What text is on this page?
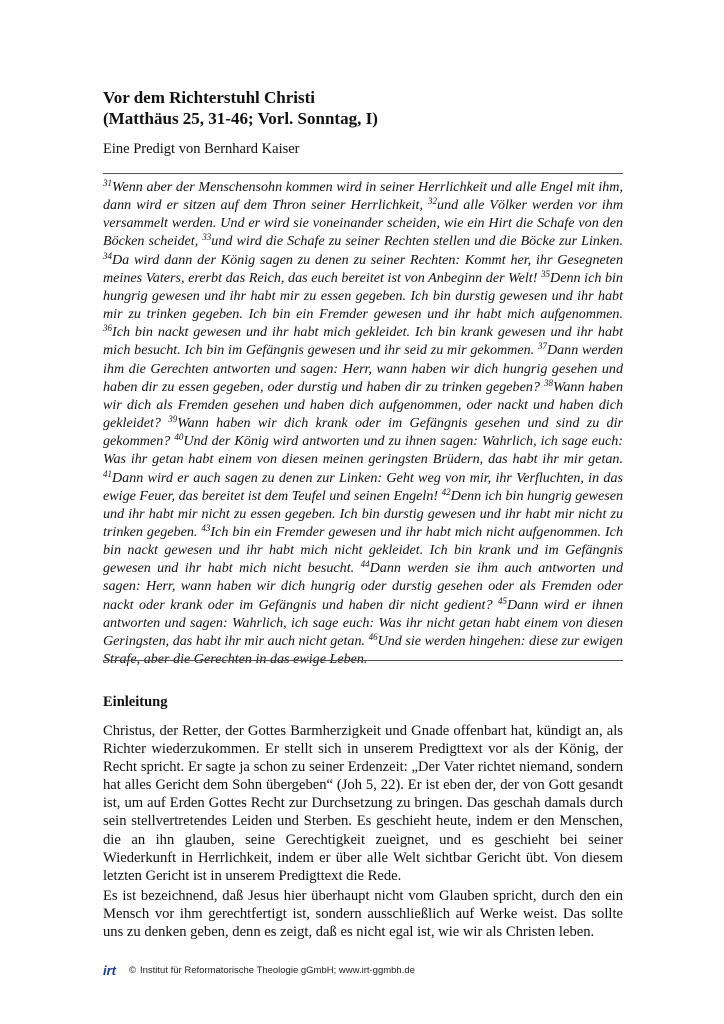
Vor dem Richterstuhl Christi
(Matthäus 25, 31-46; Vorl. Sonntag, I)
Eine Predigt von Bernhard Kaiser
$^{31}$Wenn aber der Menschensohn kommen wird in seiner Herrlichkeit und alle Engel mit ihm, dann wird er sitzen auf dem Thron seiner Herrlichkeit, $^{32}$und alle Völker werden vor ihm versammelt werden. Und er wird sie voneinander scheiden, wie ein Hirt die Schafe von den Böcken scheidet, $^{33}$und wird die Schafe zu seiner Rechten stellen und die Böcke zur Linken. $^{34}$Da wird dann der König sagen zu denen zu seiner Rechten: Kommt her, ihr Gesegneten meines Vaters, ererbt das Reich, das euch bereitet ist von Anbeginn der Welt! $^{35}$Denn ich bin hungrig gewesen und ihr habt mir zu essen gegeben. Ich bin durstig gewesen und ihr habt mir zu trinken gegeben. Ich bin ein Fremder gewesen und ihr habt mich aufgenommen. $^{36}$Ich bin nackt gewesen und ihr habt mich gekleidet. Ich bin krank gewesen und ihr habt mich besucht. Ich bin im Gefängnis gewesen und ihr seid zu mir gekommen. $^{37}$Dann werden ihm die Gerechten antworten und sagen: Herr, wann haben wir dich hungrig gesehen und haben dir zu essen gegeben, oder durstig und haben dir zu trinken gegeben? $^{38}$Wann haben wir dich als Fremden gesehen und haben dich aufgenommen, oder nackt und haben dich gekleidet? $^{39}$Wann haben wir dich krank oder im Gefängnis gesehen und sind zu dir gekommen? $^{40}$Und der König wird antworten und zu ihnen sagen: Wahrlich, ich sage euch: Was ihr getan habt einem von diesen meinen geringsten Brüdern, das habt ihr mir getan. $^{41}$Dann wird er auch sagen zu denen zur Linken: Geht weg von mir, ihr Verfluchten, in das ewige Feuer, das bereitet ist dem Teufel und seinen Engeln! $^{42}$Denn ich bin hungrig gewesen und ihr habt mir nicht zu essen gegeben. Ich bin durstig gewesen und ihr habt mir nicht zu trinken gegeben. $^{43}$Ich bin ein Fremder gewesen und ihr habt mich nicht aufgenommen. Ich bin nackt gewesen und ihr habt mich nicht gekleidet. Ich bin krank und im Gefängnis gewesen und ihr habt mich nicht besucht. $^{44}$Dann werden sie ihm auch antworten und sagen: Herr, wann haben wir dich hungrig oder durstig gesehen oder als Fremden oder nackt oder krank oder im Gefängnis und haben dir nicht gedient? $^{45}$Dann wird er ihnen antworten und sagen: Wahrlich, ich sage euch: Was ihr nicht getan habt einem von diesen Geringsten, das habt ihr mir auch nicht getan. $^{46}$Und sie werden hingehen: diese zur ewigen Strafe, aber die Gerechten in das ewige Leben.
Einleitung
Christus, der Retter, der Gottes Barmherzigkeit und Gnade offenbart hat, kündigt an, als Richter wiederzukommen. Er stellt sich in unserem Predigttext vor als der König, der Recht spricht. Er sagte ja schon zu seiner Erdenzeit: „Der Vater richtet niemand, sondern hat alles Gericht dem Sohn übergeben“ (Joh 5, 22). Er ist eben der, der von Gott gesandt ist, um auf Erden Gottes Recht zur Durchsetzung zu bringen. Das geschah damals durch sein stellvertretendes Leiden und Sterben. Es geschieht heute, indem er den Menschen, die an ihn glauben, seine Gerechtigkeit zueignet, und es geschieht bei seiner Wiederkunft in Herrlichkeit, indem er über alle Welt sichtbar Gericht übt. Von diesem letzten Gericht ist in unserem Predigttext die Rede.
Es ist bezeichnend, daß Jesus hier überhaupt nicht vom Glauben spricht, durch den ein Mensch vor ihm gerechtfertigt ist, sondern ausschließlich auf Werke weist. Das sollte uns zu denken geben, denn es zeigt, daß es nicht egal ist, wie wir als Christen leben.
irt © Institut für Reformatorische Theologie gGmbH; www.irt-ggmbh.de
